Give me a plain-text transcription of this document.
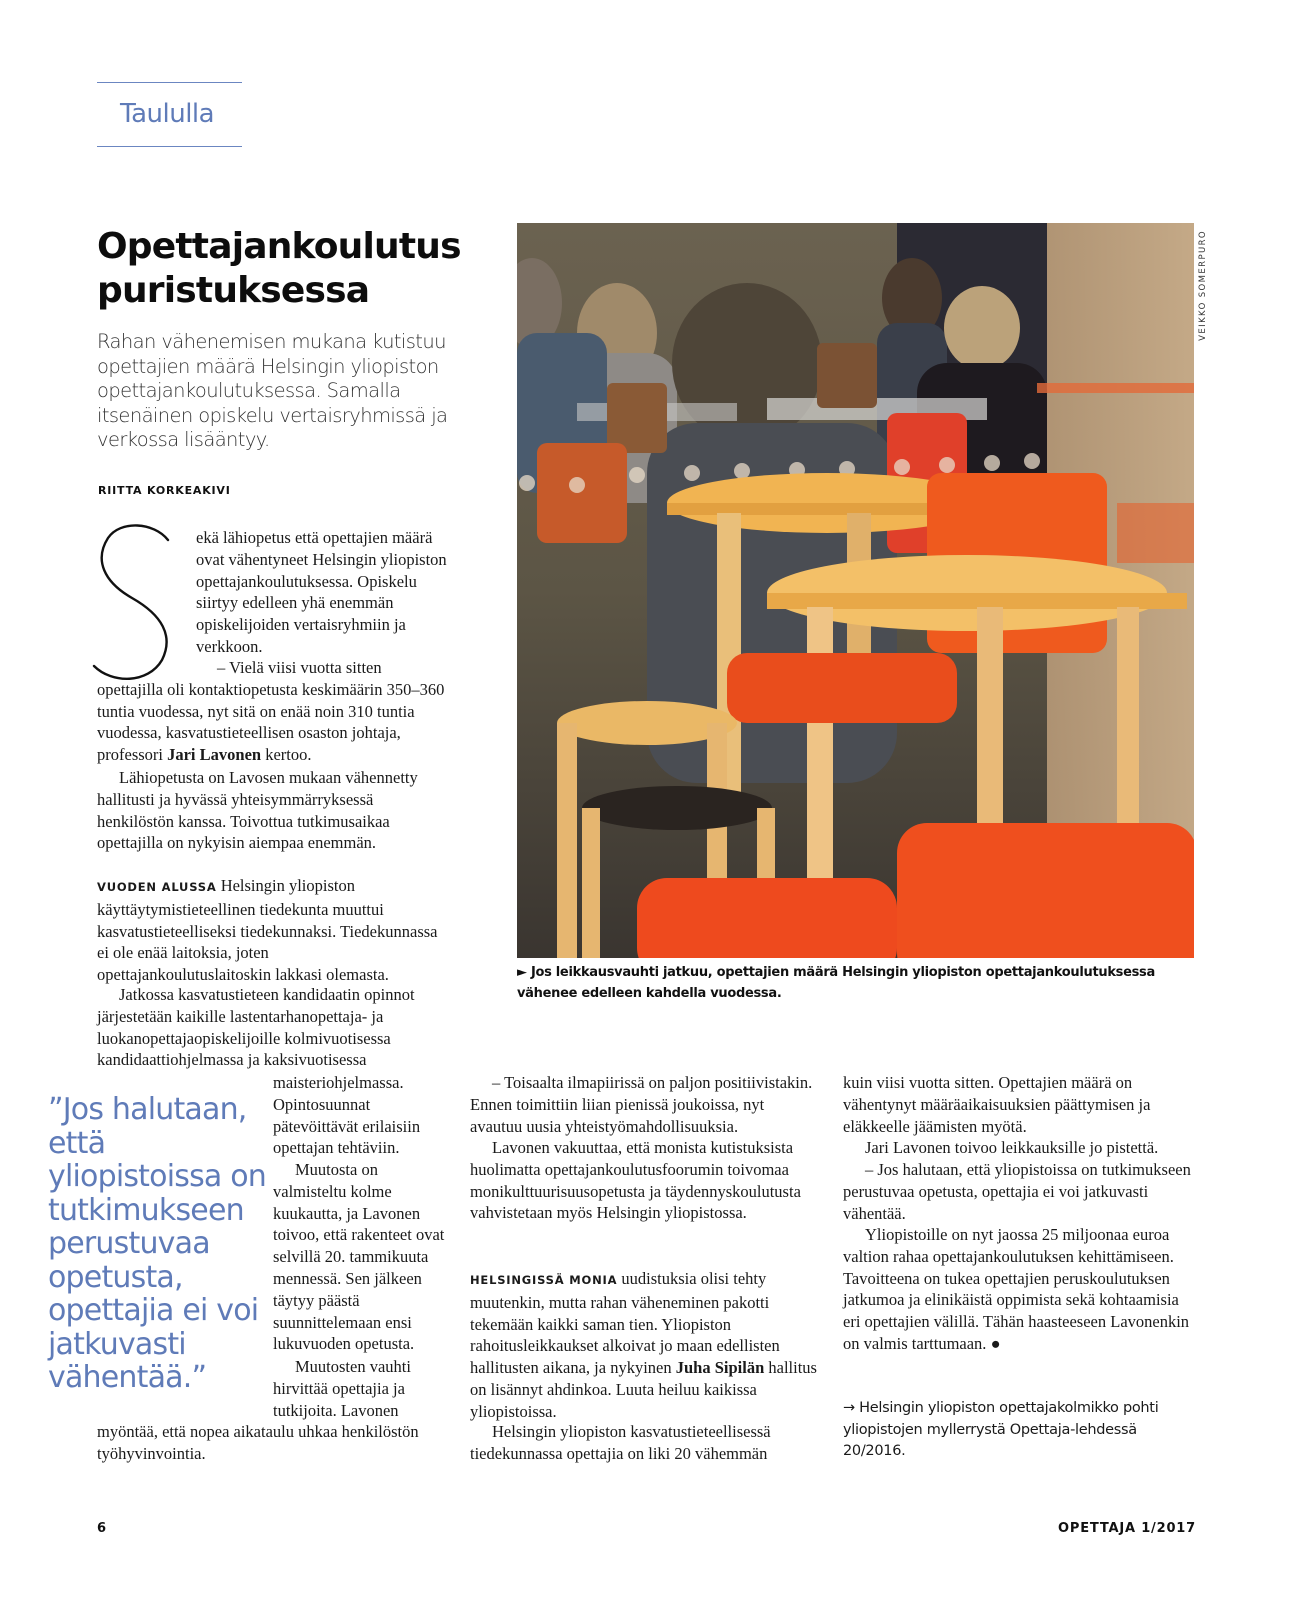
Taululla
Opettajankoulutus
puristuksessa

Rahan vähenemisen mukana kutistuu opettajien määrä Helsingin yliopiston opettajankoulutuksessa. Samalla itsenäinen opiskelu vertaisryhmissä ja verkossa lisääntyy.

RIITTA KORKEAKIVI

ekä lähiopetus että opettajien määrä ovat vähentyneet Helsingin yliopiston opettajankoulutuksessa. Opiskelu siirtyy edelleen yhä enemmän opiskelijoiden vertaisryhmiin ja verkkoon.

– Vielä viisi vuotta sitten opettajilla oli kontaktiopetusta keskimäärin 350–360 tuntia vuodessa, nyt sitä on enää noin 310 tuntia vuodessa, kasvatustieteellisen osaston johtaja, professori Jari Lavonen kertoo.

Lähiopetusta on Lavosen mukaan vähennetty hallitusti ja hyvässä yhteisymmärryksessä henkilöstön kanssa. Toivottua tutkimusaikaa opettajilla on nykyisin aiempaa enemmän.

VUODEN ALUSSA Helsingin yliopiston käyttäytymistieteellinen tiedekunta muuttui kasvatustieteelliseksi tiedekunnaksi. Tiedekunnassa ei ole enää laitoksia, joten opettajankoulutuslaitoskin lakkasi olemasta.

Jatkossa kasvatustieteen kandidaatin opinnot järjestetään kaikille lastentarhanopettaja- ja luokanopettajaopiskelijoille kolmivuotisessa kandidaattiohjelmassa ja kaksivuotisessa

maisteriohjelmassa. Opintosuunnat pätevöittävät erilaisiin opettajan tehtäviin.

Muutosta on valmisteltu kolme kuukautta, ja Lavonen toivoo, että rakenteet ovat selvillä 20. tammikuuta mennessä. Sen jälkeen täytyy päästä suunnittelemaan ensi lukuvuoden opetusta.

Muutosten vauhti hirvittää opettajia ja tutkijoita. Lavonen

myöntää, että nopea aikataulu uhkaa henkilöstön työhyvinvointia.

”Jos halutaan, että yliopistoissa on tutkimukseen perustuvaa opetusta, opettajia ei voi jatkuvasti vähentää.”

VEIKKO SOMERPURO

► Jos leikkausvauhti jatkuu, opettajien määrä Helsingin yliopiston opettajankoulutuksessa vähenee edelleen kahdella vuodessa.

– Toisaalta ilmapiirissä on paljon positiivistakin. Ennen toimittiin liian pienissä joukoissa, nyt avautuu uusia yhteistyömahdollisuuksia.

Lavonen vakuuttaa, että monista kutistuksista huolimatta opettajankoulutusfoorumin toivomaa monikulttuurisuusopetusta ja täydennyskoulutusta vahvistetaan myös Helsingin yliopistossa.

HELSINGISSÄ MONIA uudistuksia olisi tehty muutenkin, mutta rahan väheneminen pakotti tekemään kaikki saman tien. Yliopiston rahoitusleikkaukset alkoivat jo maan edellisten hallitusten aikana, ja nykyinen Juha Sipilän hallitus on lisännyt ahdinkoa. Luuta heiluu kaikissa yliopistoissa.

Helsingin yliopiston kasvatustieteellisessä tiedekunnassa opettajia on liki 20 vähemmän

kuin viisi vuotta sitten. Opettajien määrä on vähentynyt määräaikaisuuksien päättymisen ja eläkkeelle jäämisten myötä.

Jari Lavonen toivoo leikkauksille jo pistettä.

– Jos halutaan, että yliopistoissa on tutkimukseen perustuvaa opetusta, opettajia ei voi jatkuvasti vähentää.

Yliopistoille on nyt jaossa 25 miljoonaa euroa valtion rahaa opettajankoulutuksen kehittämiseen. Tavoitteena on tukea opettajien peruskoulutuksen jatkumoa ja elinikäistä oppimista sekä kohtaamisia eri opettajien välillä. Tähän haasteeseen Lavonenkin on valmis tarttumaan. ●

→ Helsingin yliopiston opettajakolmikko pohti yliopistojen myllerrystä Opettaja-lehdessä 20/2016.

6	OPETTAJA 1/2017
